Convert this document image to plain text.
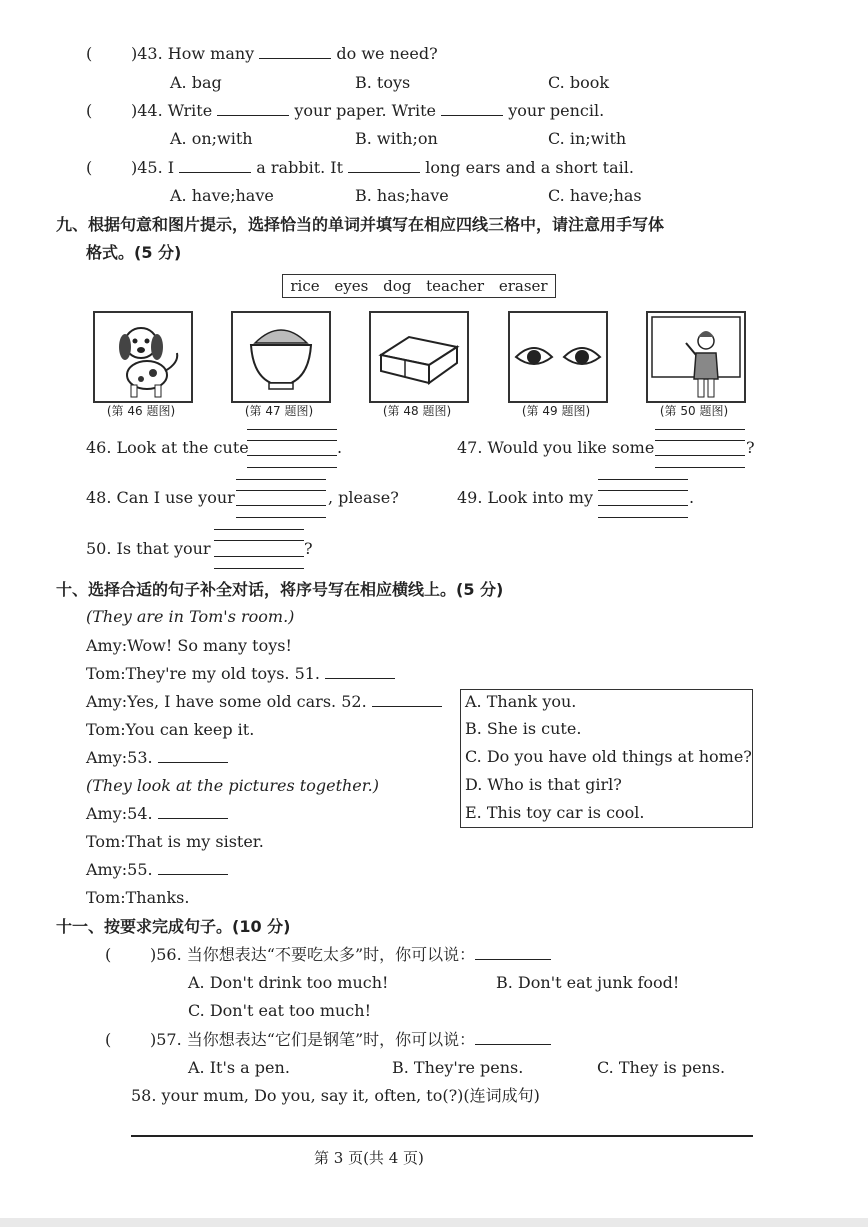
( )43. How many	do we need?
A. bag	B. toys	C. book
( )44. Write	your paper. Write	your pencil.
A. on;with	B. with;on	C. in;with
( )45. I	a rabbit. It	long ears and a short tail.
A. have;have	B. has;have	C. have;has
九、根据句意和图片提示，选择恰当的单词并填写在相应四线三格中，请注意用手写体
格式。(5 分)
rice eyes dog teacher eraser
(第 46 题图)	(第 47 题图)	(第 48 题图)	(第 49 题图)	(第 50 题图)
46. Look at the cute	.	47. Would you like some	?
48. Can I use your	, please?	49. Look into my	.
50. Is that your	?
十、选择合适的句子补全对话，将序号写在相应横线上。(5 分)
(They are in Tom's room.)
Amy:Wow! So many toys!
Tom:They're my old toys. 51.
Amy:Yes, I have some old cars. 52.
Tom:You can keep it.
Amy:53.
(They look at the pictures together.)
Amy:54.
Tom:That is my sister.
Amy:55.
Tom:Thanks.
A. Thank you.
B. She is cute.
C. Do you have old things at home?
D. Who is that girl?
E. This toy car is cool.
十一、按要求完成句子。(10 分)
( )56. 当你想表达“不要吃太多”时，你可以说：
A. Don't drink too much!	B. Don't eat junk food!
C. Don't eat too much!
( )57. 当你想表达“它们是钢笔”时，你可以说：
A. It's a pen.	B. They're pens.	C. They is pens.
58. your mum, Do you, say it, often, to(?)(连词成句)
第 3 页(共 4 页)
